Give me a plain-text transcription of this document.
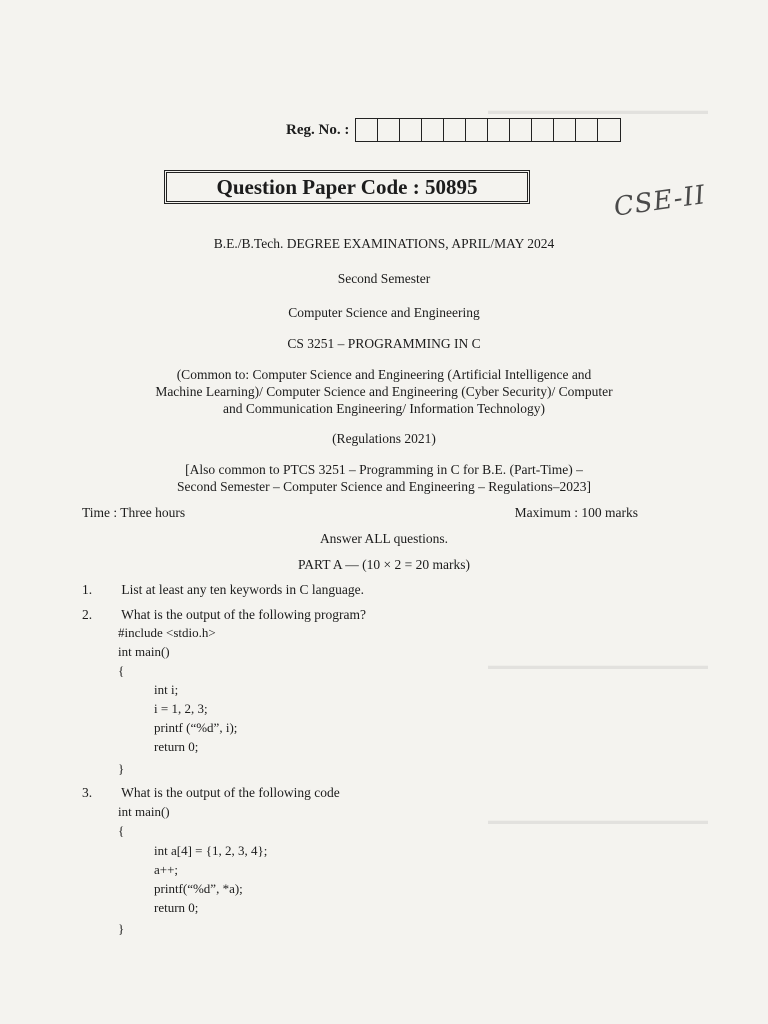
▬▬▬▬▬▬▬▬▬▬▬▬▬▬▬▬▬▬▬▬
▬▬▬▬▬▬▬▬▬▬▬▬▬▬▬▬▬▬▬▬
▬▬▬▬▬▬▬▬▬▬▬▬▬▬▬▬▬▬▬▬
Reg. No. :
Question Paper Code : 50895	CSE-II
B.E./B.Tech. DEGREE EXAMINATIONS, APRIL/MAY 2024
Second Semester
Computer Science and Engineering
CS 3251 – PROGRAMMING IN C
(Common to: Computer Science and Engineering (Artificial Intelligence and
Machine Learning)/ Computer Science and Engineering (Cyber Security)/ Computer
and Communication Engineering/ Information Technology)
(Regulations 2021)
[Also common to PTCS 3251 – Programming in C for B.E. (Part-Time) –
Second Semester – Computer Science and Engineering – Regulations–2023]
Time : Three hours	Maximum : 100 marks
Answer ALL questions.
PART A — (10 × 2 = 20 marks)
1. List at least any ten keywords in C language.
2. What is the output of the following program?
#include <stdio.h>
int main()
{
int i;
i = 1, 2, 3;
printf (“%d”, i);
return 0;
}
3. What is the output of the following code
int main()
{
int a[4] = {1, 2, 3, 4};
a++;
printf(“%d”, *a);
return 0;
}
